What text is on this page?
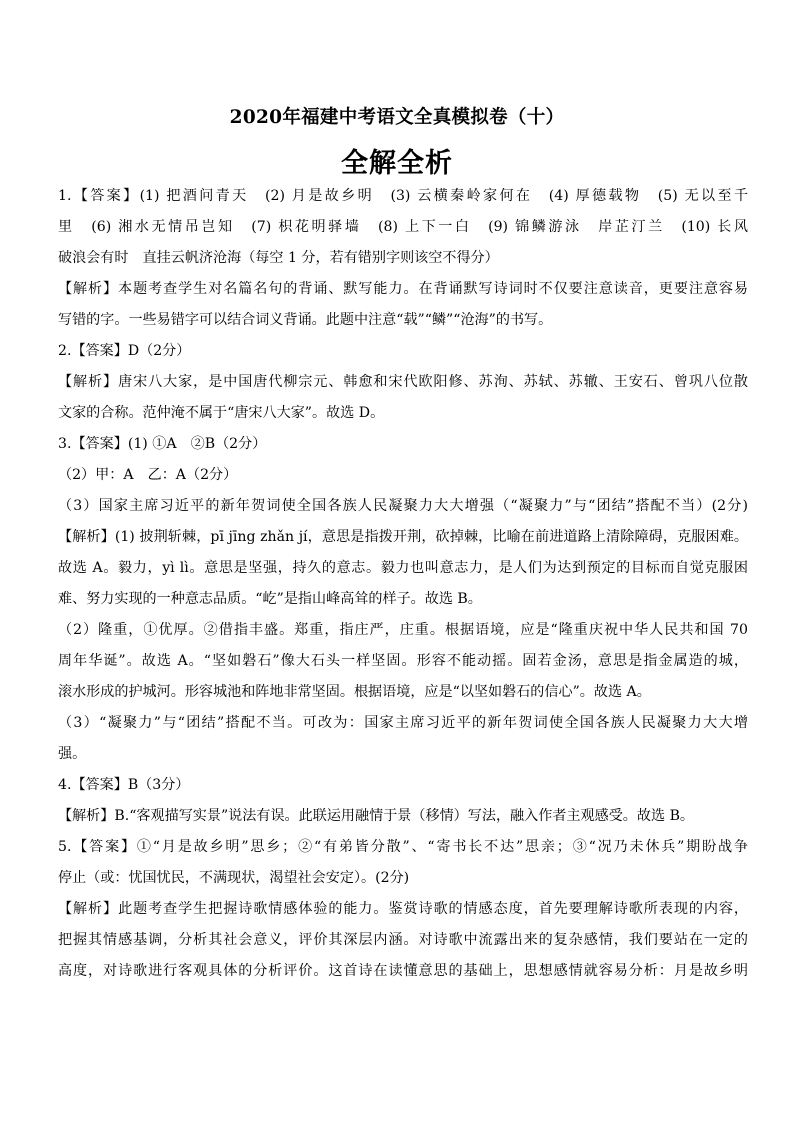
2020年福建中考语文全真模拟卷（十）
全解全析
1.【答案】(1) 把酒问青天　(2) 月是故乡明　(3) 云横秦岭家何在　(4) 厚德载物　(5) 无以至千
里　(6) 湘水无情吊岂知　(7) 枳花明驿墙　(8) 上下一白　(9) 锦鳞游泳　岸芷汀兰　(10) 长风
破浪会有时　直挂云帆济沧海（每空 1 分，若有错别字则该空不得分）
【解析】本题考查学生对名篇名句的背诵、默写能力。在背诵默写诗词时不仅要注意读音，更要注意容易
写错的字。一些易错字可以结合词义背诵。此题中注意“载”“鳞”“沧海”的书写。
2.【答案】D（2分）
【解析】唐宋八大家，是中国唐代柳宗元、韩愈和宋代欧阳修、苏洵、苏轼、苏辙、王安石、曾巩八位散
文家的合称。范仲淹不属于“唐宋八大家”。故选 D。
3.【答案】(1) ①A　②B（2分）
（2）甲：A　乙：A（2分）
（3）国家主席习近平的新年贺词使全国各族人民凝聚力大大增强（“凝聚力”与“团结”搭配不当）(2分)
【解析】(1) 披荆斩棘，pī jīng zhǎn jí，意思是指拨开荆，砍掉棘，比喻在前进道路上清除障碍，克服困难。
故选 A。毅力，yì lì。意思是坚强，持久的意志。毅力也叫意志力，是人们为达到预定的目标而自觉克服困
难、努力实现的一种意志品质。“屹”是指山峰高耸的样子。故选 B。
（2）隆重，①优厚。②借指丰盛。郑重，指庄严，庄重。根据语境，应是“隆重庆祝中华人民共和国 70
周年华诞”。故选 A。“坚如磐石”像大石头一样坚固。形容不能动摇。固若金汤，意思是指金属造的城，
滚水形成的护城河。形容城池和阵地非常坚固。根据语境，应是“以坚如磐石的信心”。故选 A。
（3）“凝聚力”与“团结”搭配不当。可改为：国家主席习近平的新年贺词使全国各族人民凝聚力大大增
强。
4.【答案】B（3分）
【解析】B.“客观描写实景”说法有误。此联运用融情于景（移情）写法，融入作者主观感受。故选 B。
5.【答案】①“月是故乡明”思乡；②“有弟皆分散”、“寄书长不达”思亲；③“况乃未休兵”期盼战争
停止（或：忧国忧民，不满现状，渴望社会安定）。(2分)
【解析】此题考查学生把握诗歌情感体验的能力。鉴赏诗歌的情感态度，首先要理解诗歌所表现的内容，
把握其情感基调，分析其社会意义，评价其深层内涵。对诗歌中流露出来的复杂感情，我们要站在一定的
高度，对诗歌进行客观具体的分析评价。这首诗在读懂意思的基础上，思想感情就容易分析：月是故乡明
